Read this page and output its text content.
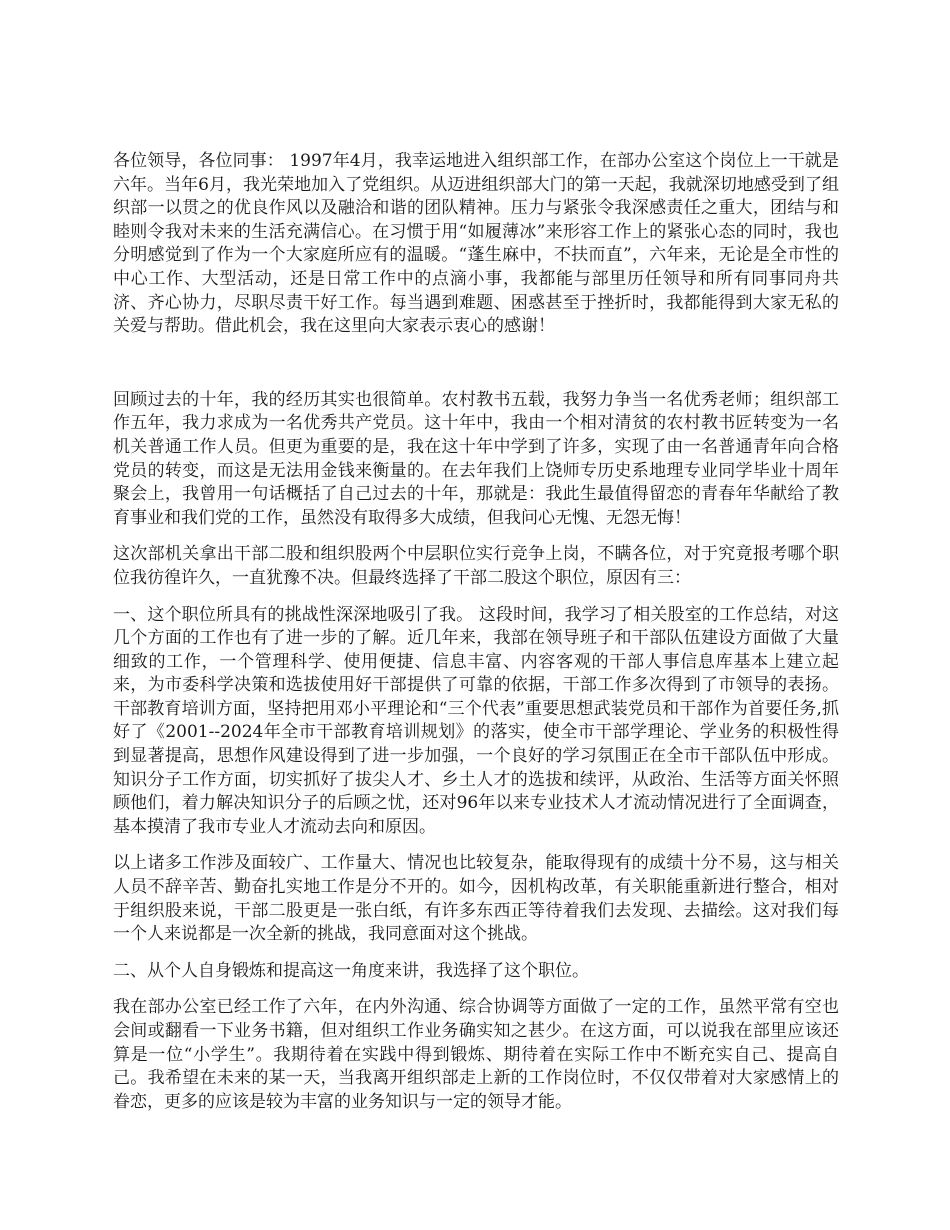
各位领导，各位同事： 1997年4月，我幸运地进入组织部工作，在部办公室这个岗位上一干就是六年。当年6月，我光荣地加入了党组织。从迈进组织部大门的第一天起，我就深切地感受到了组织部一以贯之的优良作风以及融洽和谐的团队精神。压力与紧张令我深感责任之重大，团结与和睦则令我对未来的生活充满信心。在习惯于用“如履薄冰”来形容工作上的紧张心态的同时，我也分明感觉到了作为一个大家庭所应有的温暖。“蓬生麻中，不扶而直”，六年来，无论是全市性的中心工作、大型活动，还是日常工作中的点滴小事，我都能与部里历任领导和所有同事同舟共济、齐心协力，尽职尽责干好工作。每当遇到难题、困惑甚至于挫折时，我都能得到大家无私的关爱与帮助。借此机会，我在这里向大家表示衷心的感谢！

回顾过去的十年，我的经历其实也很简单。农村教书五载，我努力争当一名优秀老师；组织部工作五年，我力求成为一名优秀共产党员。这十年中，我由一个相对清贫的农村教书匠转变为一名机关普通工作人员。但更为重要的是，我在这十年中学到了许多，实现了由一名普通青年向合格党员的转变，而这是无法用金钱来衡量的。在去年我们上饶师专历史系地理专业同学毕业十周年聚会上，我曾用一句话概括了自己过去的十年，那就是：我此生最值得留恋的青春年华献给了教育事业和我们党的工作，虽然没有取得多大成绩，但我问心无愧、无怨无悔！

这次部机关拿出干部二股和组织股两个中层职位实行竞争上岗，不瞒各位，对于究竟报考哪个职位我彷徨许久，一直犹豫不决。但最终选择了干部二股这个职位，原因有三：

一、这个职位所具有的挑战性深深地吸引了我。 这段时间，我学习了相关股室的工作总结，对这几个方面的工作也有了进一步的了解。近几年来，我部在领导班子和干部队伍建设方面做了大量细致的工作，一个管理科学、使用便捷、信息丰富、内容客观的干部人事信息库基本上建立起来，为市委科学决策和选拔使用好干部提供了可靠的依据，干部工作多次得到了市领导的表扬。干部教育培训方面，坚持把用邓小平理论和“三个代表”重要思想武装党员和干部作为首要任务,抓好了《2001--2024年全市干部教育培训规划》的落实，使全市干部学理论、学业务的积极性得到显著提高，思想作风建设得到了进一步加强，一个良好的学习氛围正在全市干部队伍中形成。知识分子工作方面，切实抓好了拔尖人才、乡土人才的选拔和续评，从政治、生活等方面关怀照顾他们，着力解决知识分子的后顾之忧，还对96年以来专业技术人才流动情况进行了全面调查，基本摸清了我市专业人才流动去向和原因。

以上诸多工作涉及面较广、工作量大、情况也比较复杂，能取得现有的成绩十分不易，这与相关人员不辞辛苦、勤奋扎实地工作是分不开的。如今，因机构改革，有关职能重新进行整合，相对于组织股来说，干部二股更是一张白纸，有许多东西正等待着我们去发现、去描绘。这对我们每一个人来说都是一次全新的挑战，我同意面对这个挑战。

二、从个人自身锻炼和提高这一角度来讲，我选择了这个职位。

我在部办公室已经工作了六年，在内外沟通、综合协调等方面做了一定的工作，虽然平常有空也会间或翻看一下业务书籍，但对组织工作业务确实知之甚少。在这方面，可以说我在部里应该还算是一位“小学生”。我期待着在实践中得到锻炼、期待着在实际工作中不断充实自己、提高自己。我希望在未来的某一天，当我离开组织部走上新的工作岗位时，不仅仅带着对大家感情上的眷恋，更多的应该是较为丰富的业务知识与一定的领导才能。
